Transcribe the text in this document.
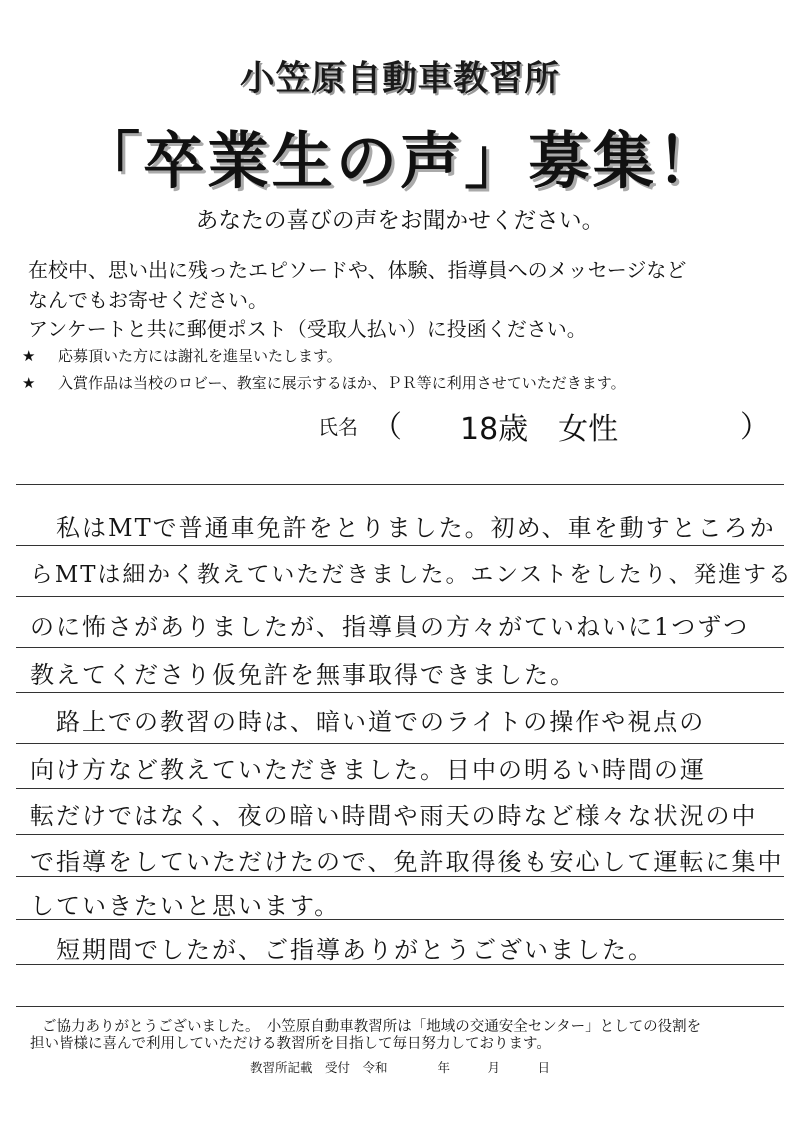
小笠原自動車教習所
「卒業生の声」募集！
あなたの喜びの声をお聞かせください。
在校中、思い出に残ったエピソードや、体験、指導員へのメッセージなど
なんでもお寄せください。
アンケートと共に郵便ポスト（受取人払い）に投函ください。
★ 応募頂いた方には謝礼を進呈いたします。
★ 入賞作品は当校のロビー、教室に展示するほか、ＰＲ等に利用させていただきます。
氏名 （ 18歳　女性	）
　私はMTで普通車免許をとりました。初め、車を動すところか
らMTは細かく教えていただきました。エンストをしたり、発進する
のに怖さがありましたが、指導員の方々がていねいに1つずつ
教えてくださり仮免許を無事取得できました。
　路上での教習の時は、暗い道でのライトの操作や視点の
向け方など教えていただきました。日中の明るい時間の運
転だけではなく、夜の暗い時間や雨天の時など様々な状況の中
で指導をしていただけたので、免許取得後も安心して運転に集中
していきたいと思います。
　短期間でしたが、ご指導ありがとうございました。
ご協力ありがとうございました。　小笠原自動車教習所は「地域の交通安全センター」としての役割を
担い皆様に喜んで利用していただける教習所を目指して毎日努力しております。
教習所記載　受付　令和　　　　年　　　月　　　日
